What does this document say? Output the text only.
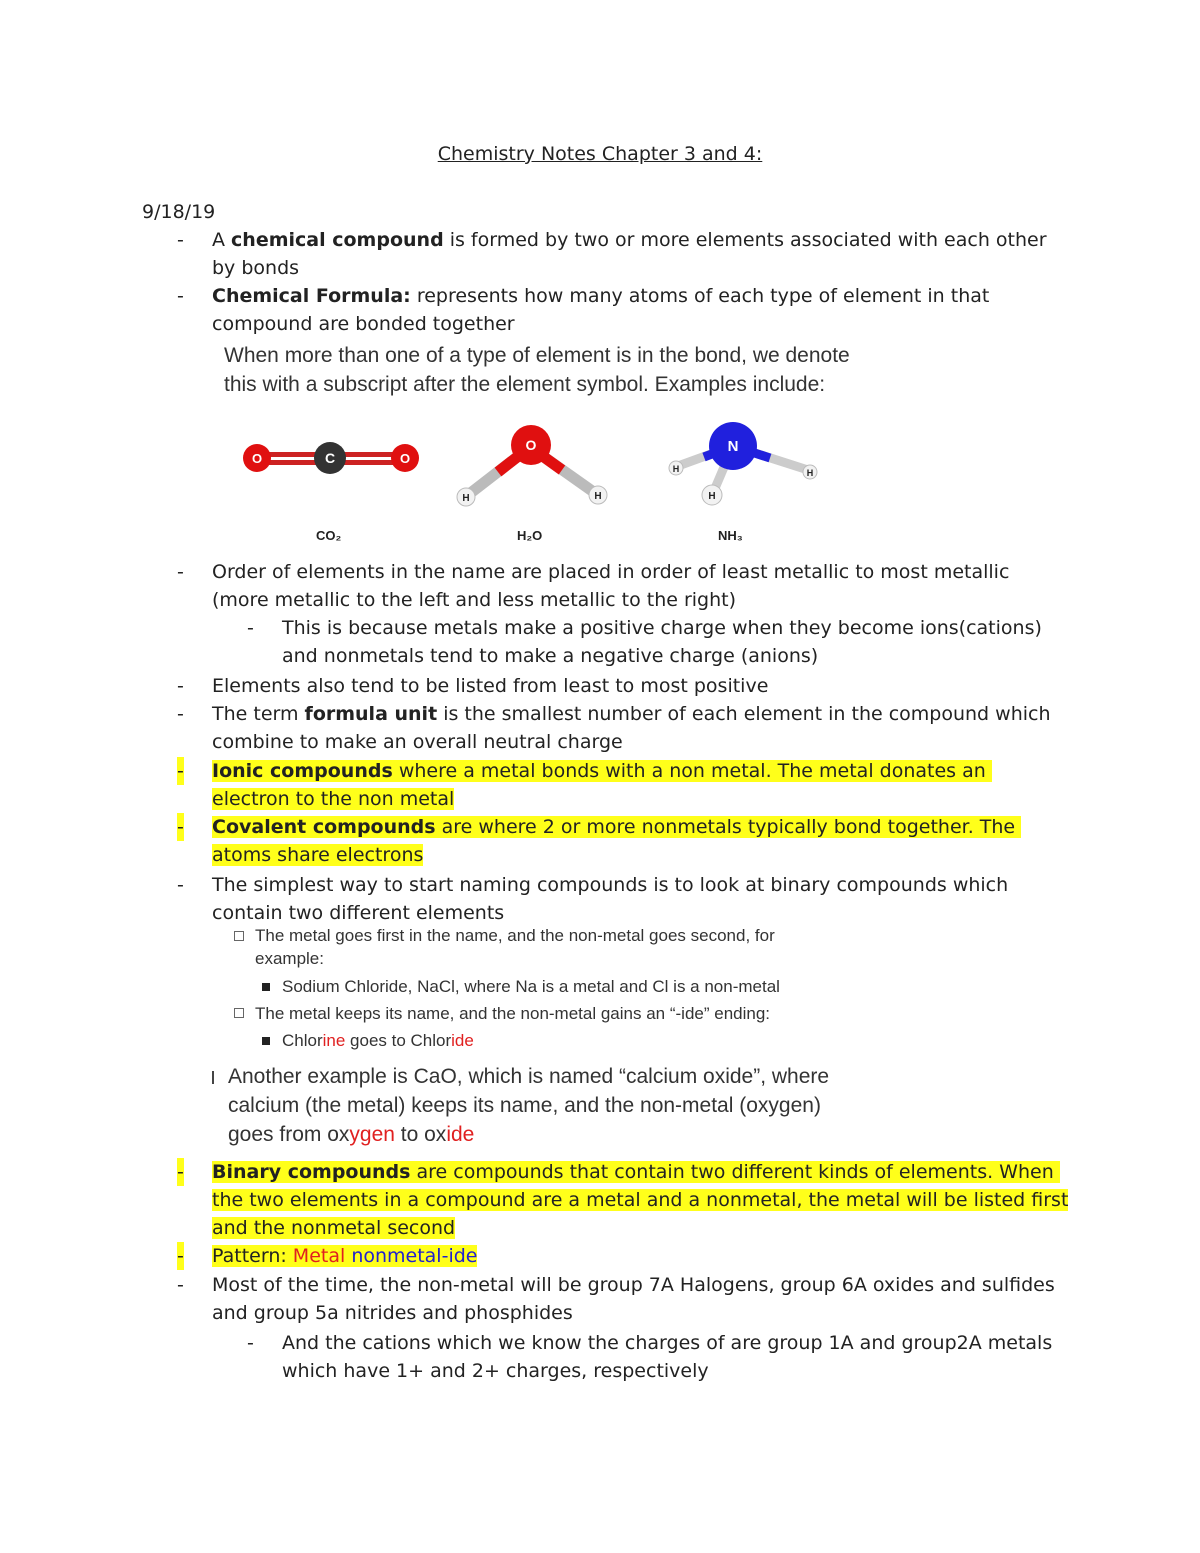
Chemistry Notes Chapter 3 and 4:
9/18/19
- A chemical compound is formed by two or more elements associated with each other
by bonds
- Chemical Formula: represents how many atoms of each type of element in that
compound are bonded together
When more than one of a type of element is in the bond, we denote
this with a subscript after the element symbol. Examples include:
O	C	O
O
H	H
N
H	H
H
CO₂	H₂O	NH₃
- Order of elements in the name are placed in order of least metallic to most metallic
(more metallic to the left and less metallic to the right)
- This is because metals make a positive charge when they become ions(cations)
and nonmetals tend to make a negative charge (anions)
- Elements also tend to be listed from least to most positive
- The term formula unit is the smallest number of each element in the compound which
combine to make an overall neutral charge
- Ionic compounds where a metal bonds with a non metal. The metal donates an
electron to the non metal
- Covalent compounds are where 2 or more nonmetals typically bond together. The
atoms share electrons
- The simplest way to start naming compounds is to look at binary compounds which
contain two different elements
The metal goes first in the name, and the non-metal goes second, for
example:
Sodium Chloride, NaCl, where Na is a metal and Cl is a non-metal
The metal keeps its name, and the non-metal gains an “-ide” ending:
Chlorine goes to Chloride
Another example is CaO, which is named “calcium oxide”, where
calcium (the metal) keeps its name, and the non-metal (oxygen)
goes from oxygen to oxide
- Binary compounds are compounds that contain two different kinds of elements. When
the two elements in a compound are a metal and a nonmetal, the metal will be listed first
and the nonmetal second
- Pattern: Metal nonmetal-ide
- Most of the time, the non-metal will be group 7A Halogens, group 6A oxides and sulfides
and group 5a nitrides and phosphides
- And the cations which we know the charges of are group 1A and group2A metals
which have 1+ and 2+ charges, respectively
